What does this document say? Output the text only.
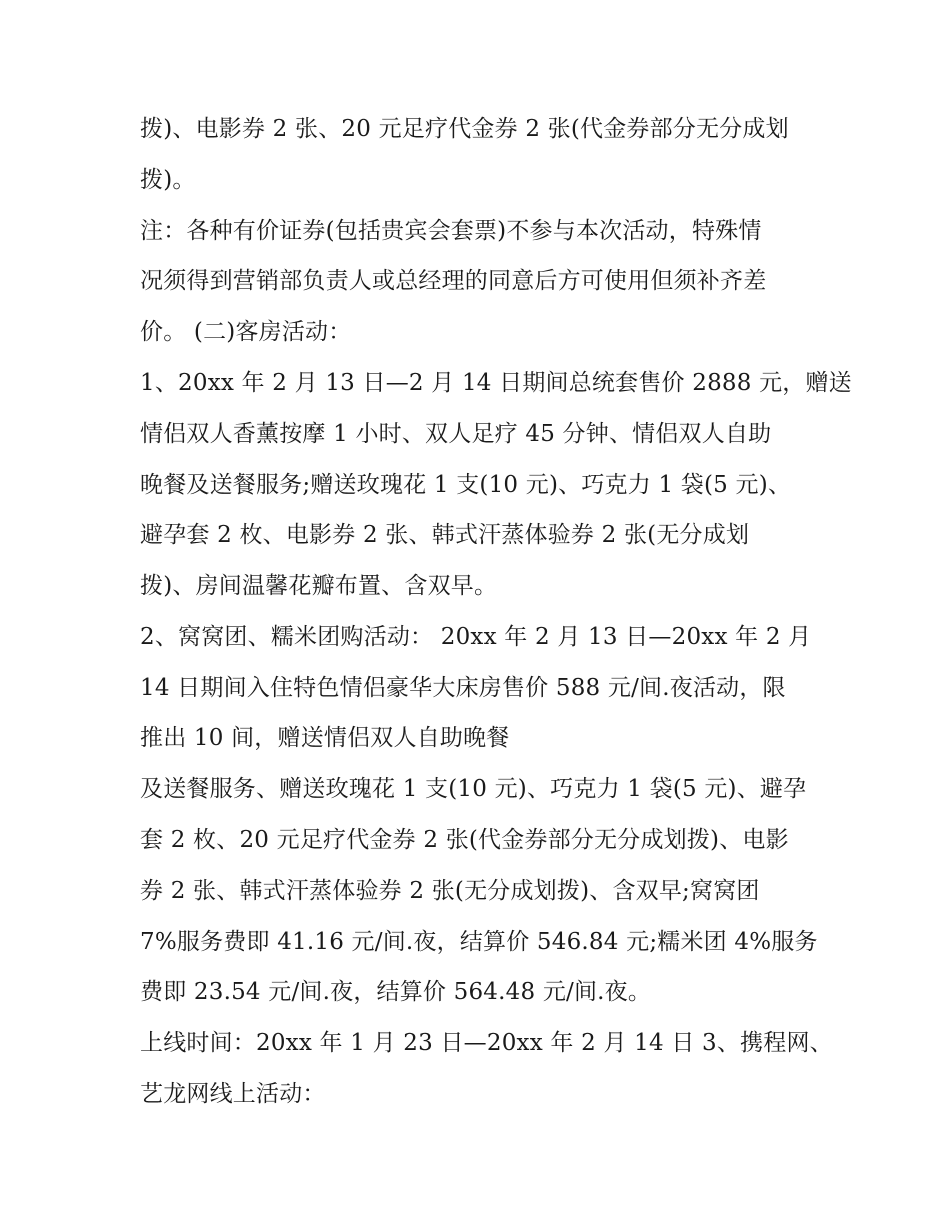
拨)、电影券 2 张、20 元足疗代金券 2 张(代金券部分无分成划
拨)。
注：各种有价证券(包括贵宾会套票)不参与本次活动，特殊情
况须得到营销部负责人或总经理的同意后方可使用但须补齐差
价。 (二)客房活动：
1、20xx 年 2 月 13 日—2 月 14 日期间总统套售价 2888 元，赠送
情侣双人香薰按摩 1 小时、双人足疗 45 分钟、情侣双人自助
晚餐及送餐服务;赠送玫瑰花 1 支(10 元)、巧克力 1 袋(5 元)、
避孕套 2 枚、电影券 2 张、韩式汗蒸体验券 2 张(无分成划
拨)、房间温馨花瓣布置、含双早。
2、窝窝团、糯米团购活动： 20xx 年 2 月 13 日—20xx 年 2 月
14 日期间入住特色情侣豪华大床房售价 588 元/间.夜活动，限
推出 10 间，赠送情侣双人自助晚餐
及送餐服务、赠送玫瑰花 1 支(10 元)、巧克力 1 袋(5 元)、避孕
套 2 枚、20 元足疗代金券 2 张(代金券部分无分成划拨)、电影
券 2 张、韩式汗蒸体验券 2 张(无分成划拨)、含双早;窝窝团
7%服务费即 41.16 元/间.夜，结算价 546.84 元;糯米团 4%服务
费即 23.54 元/间.夜，结算价 564.48 元/间.夜。
上线时间：20xx 年 1 月 23 日—20xx 年 2 月 14 日 3、携程网、
艺龙网线上活动：
